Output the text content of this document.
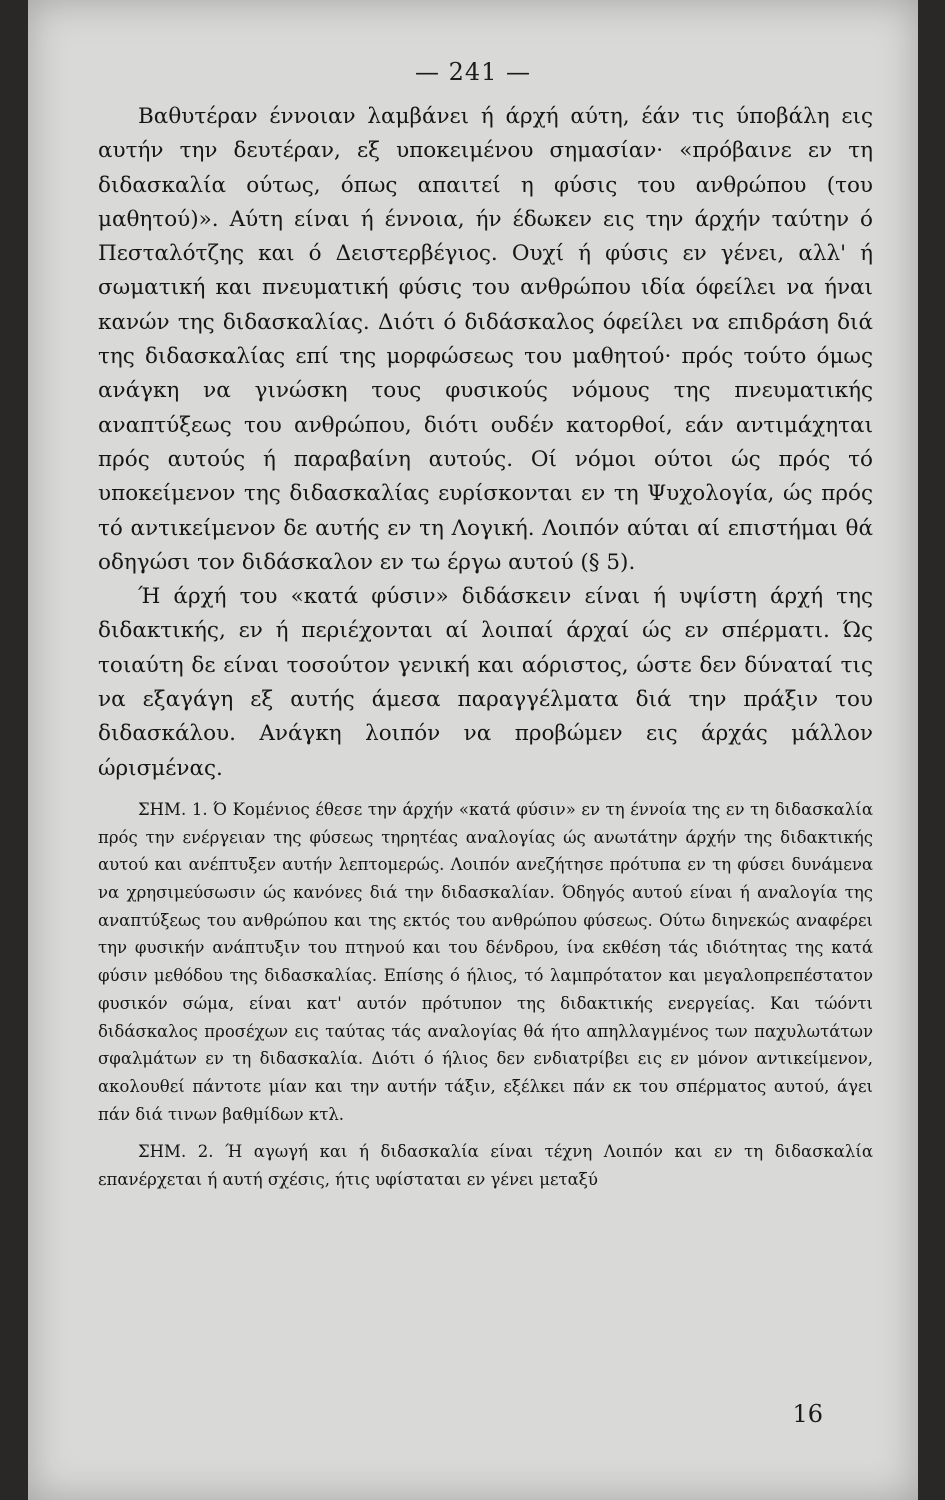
— 241 —

Βαθυτέραν έννοιαν λαμβάνει ή άρχή αύτη, έάν τις ύποβάλη εις αυτήν την δευτέραν, εξ υποκειμένου σημασίαν· «πρόβαινε εν τη διδασκαλία ούτως, όπως απαιτεί η φύσις του ανθρώπου (του μαθητού)». Αύτη είναι ή έννοια, ήν έδωκεν εις την άρχήν ταύτην ό Πεσταλότζης και ό Δειστερβέγιος. Ουχί ή φύσις εν γένει, αλλ' ή σωματική και πνευματική φύσις του ανθρώπου ιδία όφείλει να ήναι κανών της διδασκαλίας. Διότι ό διδάσκαλος όφείλει να επιδράση διά της διδασκαλίας επί της μορφώσεως του μαθητού· πρός τούτο όμως ανάγκη να γινώσκη τους φυσικούς νόμους της πνευματικής αναπτύξεως του ανθρώπου, διότι ουδέν κατορθοί, εάν αντιμάχηται πρός αυτούς ή παραβαίνη αυτούς. Οί νόμοι ούτοι ώς πρός τό υποκείμενον της διδασκαλίας ευρίσκονται εν τη Ψυχολογία, ώς πρός τό αντικείμενον δε αυτής εν τη Λογική. Λοιπόν αύται αί επιστήμαι θά οδηγώσι τον διδάσκαλον εν τω έργω αυτού (§ 5).

Ή άρχή του «κατά φύσιν» διδάσκειν είναι ή υψίστη άρχή της διδακτικής, εν ή περιέχονται αί λοιπαί άρχαί ώς εν σπέρματι. Ώς τοιαύτη δε είναι τοσούτον γενική και αόριστος, ώστε δεν δύναταί τις να εξαγάγη εξ αυτής άμεσα παραγγέλματα διά την πράξιν του διδασκάλου. Ανάγκη λοιπόν να προβώμεν εις άρχάς μάλλον ώρισμένας.

ΣΗΜ. 1. Ό Κομένιος έθεσε την άρχήν «κατά φύσιν» εν τη έννοία της εν τη διδασκαλία πρός την ενέργειαν της φύσεως τηρητέας αναλογίας ώς ανωτάτην άρχήν της διδακτικής αυτού και ανέπτυξεν αυτήν λεπτομερώς. Λοιπόν ανεζήτησε πρότυπα εν τη φύσει δυνάμενα να χρησιμεύσωσιν ώς κανόνες διά την διδασκαλίαν. Όδηγός αυτού είναι ή αναλογία της αναπτύξεως του ανθρώπου και της εκτός του ανθρώπου φύσεως. Ούτω διηνεκώς αναφέρει την φυσικήν ανάπτυξιν του πτηνού και του δένδρου, ίνα εκθέση τάς ιδιότητας της κατά φύσιν μεθόδου της διδασκαλίας. Επίσης ό ήλιος, τό λαμπρότατον και μεγαλοπρεπέστατον φυσικόν σώμα, είναι κατ' αυτόν πρότυπον της διδακτικής ενεργείας. Και τώόντι διδάσκαλος προσέχων εις ταύτας τάς αναλογίας θά ήτο απηλλαγμένος των παχυλωτάτων σφαλμάτων εν τη διδασκαλία. Διότι ό ήλιος δεν ενδιατρίβει εις εν μόνον αντικείμενον, ακολουθεί πάντοτε μίαν και την αυτήν τάξιν, εξέλκει πάν εκ του σπέρματος αυτού, άγει πάν διά τινων βαθμίδων κτλ.

ΣΗΜ. 2. Ή αγωγή και ή διδασκαλία είναι τέχνη Λοιπόν και εν τη διδασκαλία επανέρχεται ή αυτή σχέσις, ήτις υφίσταται εν γένει μεταξύ

16
